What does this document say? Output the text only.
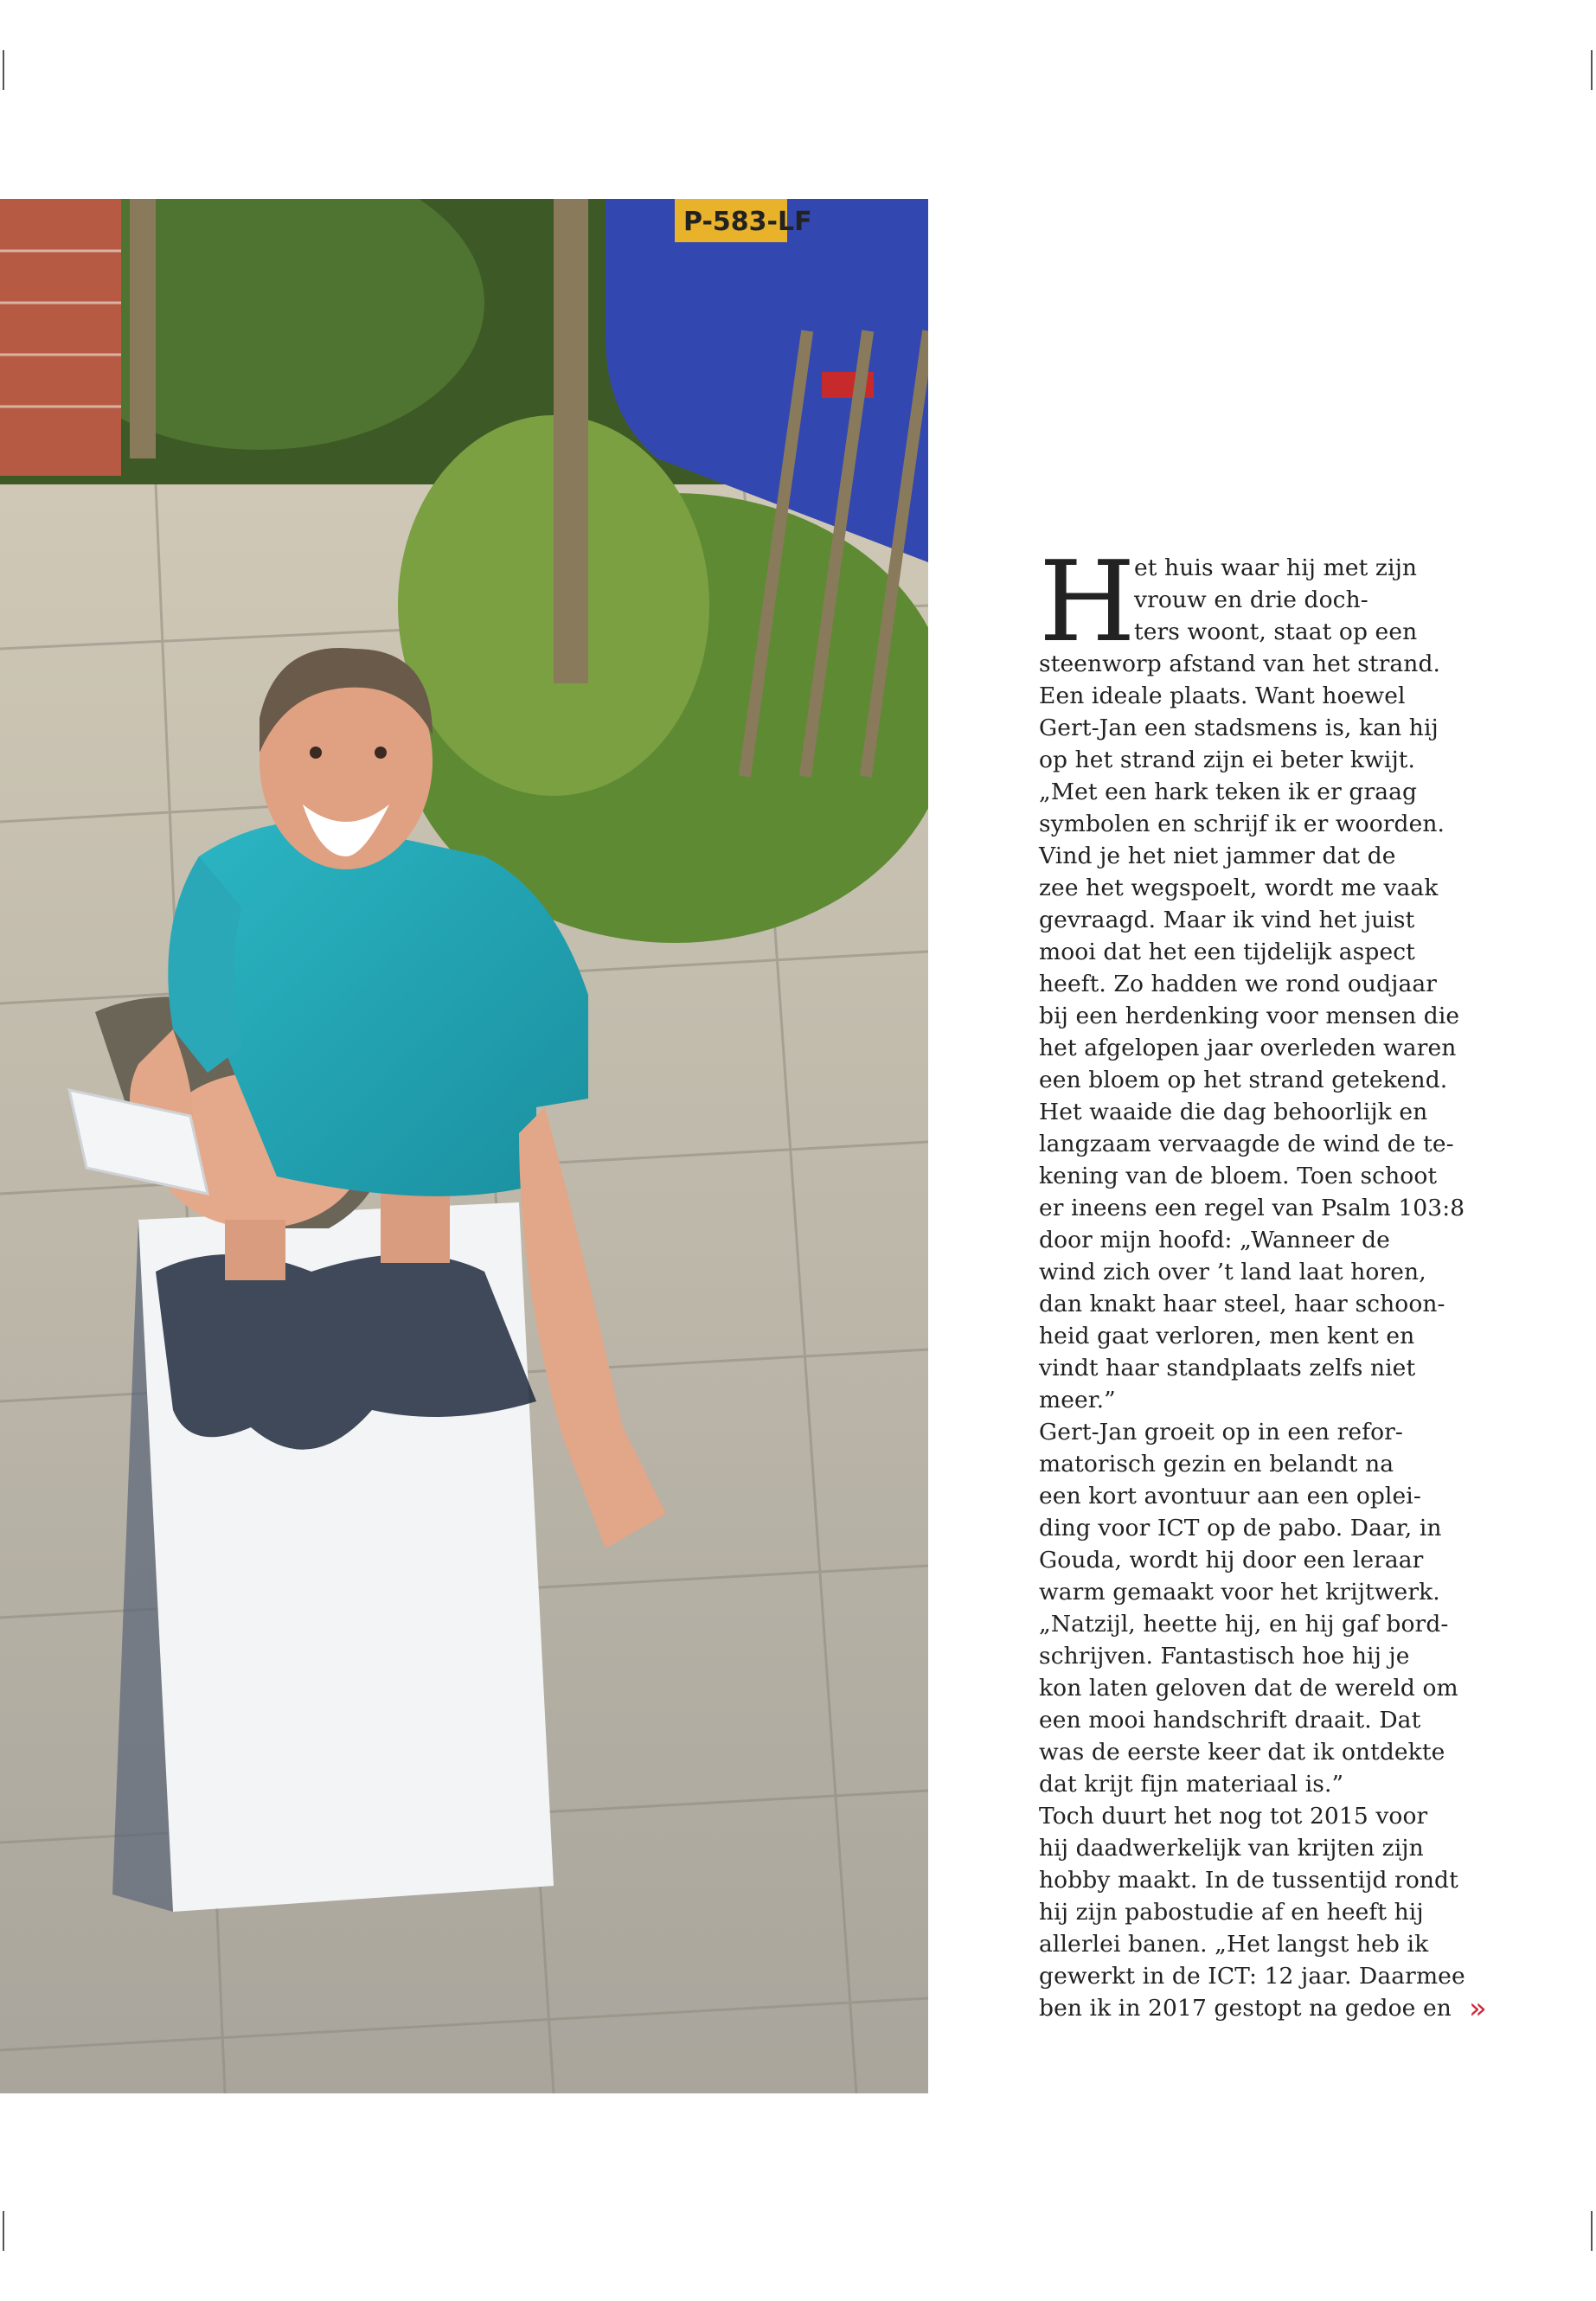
P-583-LF
H
et huis waar hij met zijn
vrouw en drie doch-
ters woont, staat op een
steenworp afstand van het strand.
Een ideale plaats. Want hoewel
Gert-Jan een stadsmens is, kan hij
op het strand zijn ei beter kwijt.
„Met een hark teken ik er graag
symbolen en schrijf ik er woorden.
Vind je het niet jammer dat de
zee het wegspoelt, wordt me vaak
gevraagd. Maar ik vind het juist
mooi dat het een tijdelijk aspect
heeft. Zo hadden we rond oudjaar
bij een herdenking voor mensen die
het afgelopen jaar overleden waren
een bloem op het strand getekend.
Het waaide die dag behoorlijk en
langzaam vervaagde de wind de te-
kening van de bloem. Toen schoot
er ineens een regel van Psalm 103:8
door mijn hoofd: „Wanneer de
wind zich over ’t land laat horen,
dan knakt haar steel, haar schoon-
heid gaat verloren, men kent en
vindt haar standplaats zelfs niet
meer.”
Gert-Jan groeit op in een refor-
matorisch gezin en belandt na
een kort avontuur aan een oplei-
ding voor ICT op de pabo. Daar, in
Gouda, wordt hij door een leraar
warm gemaakt voor het krijtwerk.
„Natzijl, heette hij, en hij gaf bord-
schrijven. Fantastisch hoe hij je
kon laten geloven dat de wereld om
een mooi handschrift draait. Dat
was de eerste keer dat ik ontdekte
dat krijt fijn materiaal is.”
Toch duurt het nog tot 2015 voor
hij daadwerkelijk van krijten zijn
hobby maakt. In de tussentijd rondt
hij zijn pabostudie af en heeft hij
allerlei banen. „Het langst heb ik
gewerkt in de ICT: 12 jaar. Daarmee
ben ik in 2017 gestopt na gedoe en »
